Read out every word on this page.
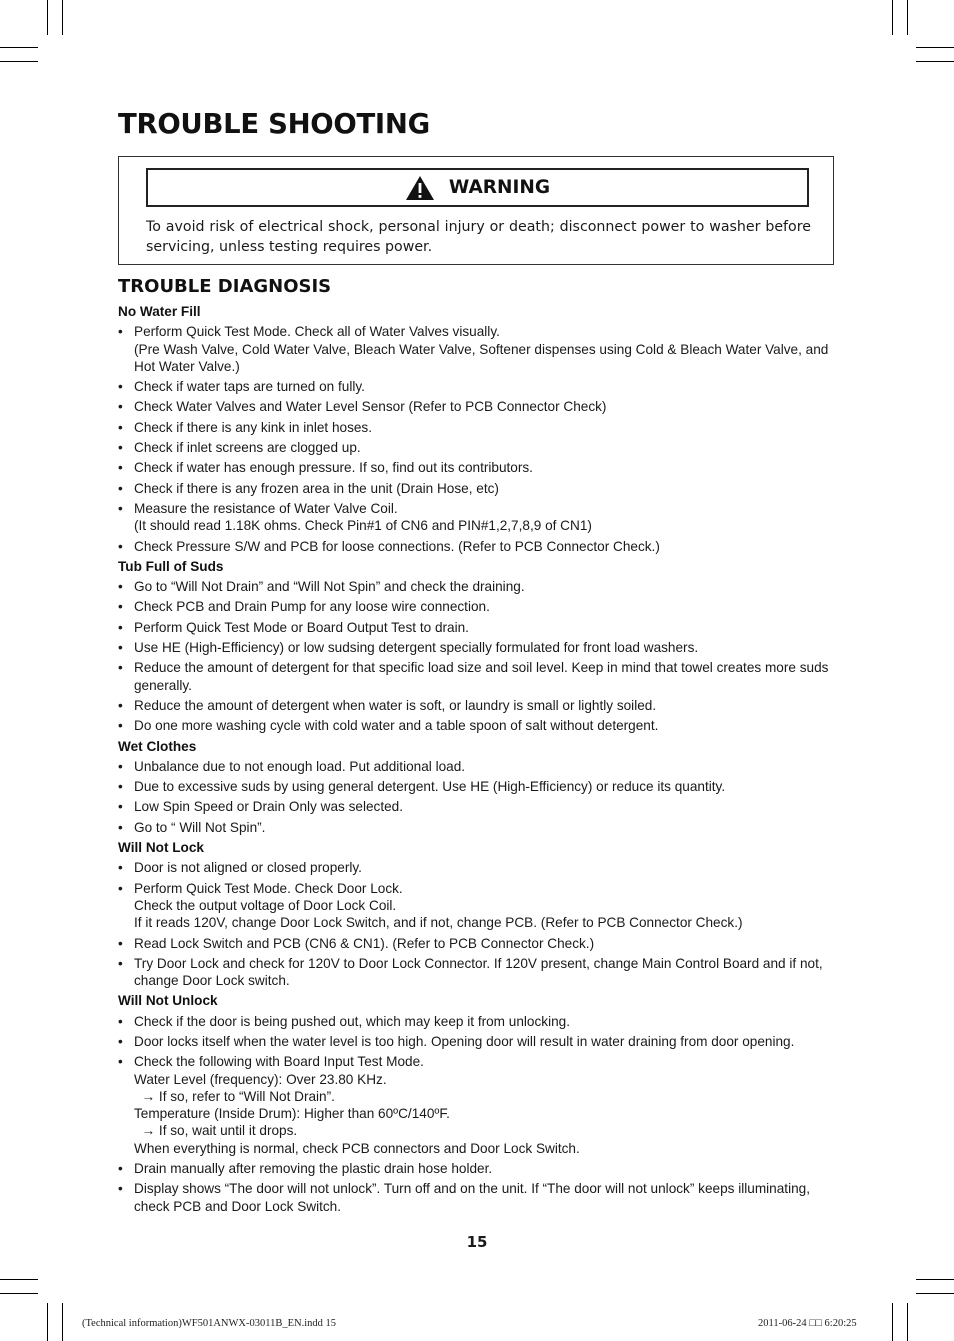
TROUBLE SHOOTING
WARNING
To avoid risk of electrical shock, personal injury or death; disconnect power to washer before servicing, unless testing requires power.
TROUBLE DIAGNOSIS
No Water Fill
• Perform Quick Test Mode. Check all of Water Valves visually.
(Pre Wash Valve, Cold Water Valve, Bleach Water Valve, Softener dispenses using Cold & Bleach Water Valve, and Hot Water Valve.)
• Check if water taps are turned on fully.
• Check Water Valves and Water Level Sensor (Refer to PCB Connector Check)
• Check if there is any kink in inlet hoses.
• Check if inlet screens are clogged up.
• Check if water has enough pressure. If so, find out its contributors.
• Check if there is any frozen area in the unit (Drain Hose, etc)
• Measure the resistance of Water Valve Coil.
(It should read 1.18K ohms. Check Pin#1 of CN6 and PIN#1,2,7,8,9 of CN1)
• Check Pressure S/W and PCB for loose connections. (Refer to PCB Connector Check.)
Tub Full of Suds
• Go to “Will Not Drain” and “Will Not Spin” and check the draining.
• Check PCB and Drain Pump for any loose wire connection.
• Perform Quick Test Mode or Board Output Test to drain.
• Use HE (High-Efficiency) or low sudsing detergent specially formulated for front load washers.
• Reduce the amount of detergent for that specific load size and soil level. Keep in mind that towel creates more suds generally.
• Reduce the amount of detergent when water is soft, or laundry is small or lightly soiled.
• Do one more washing cycle with cold water and a table spoon of salt without detergent.
Wet Clothes
• Unbalance due to not enough load. Put additional load.
• Due to excessive suds by using general detergent. Use HE (High-Efficiency) or reduce its quantity.
• Low Spin Speed or Drain Only was selected.
• Go to “ Will Not Spin”.
Will Not Lock
• Door is not aligned or closed properly.
• Perform Quick Test Mode. Check Door Lock.
Check the output voltage of Door Lock Coil.
If it reads 120V, change Door Lock Switch, and if not, change PCB. (Refer to PCB Connector Check.)
• Read Lock Switch and PCB (CN6 & CN1). (Refer to PCB Connector Check.)
• Try Door Lock and check for 120V to Door Lock Connector. If 120V present, change Main Control Board and if not, change Door Lock switch.
Will Not Unlock
• Check if the door is being pushed out, which may keep it from unlocking.
• Door locks itself when the water level is too high. Opening door will result in water draining from door opening.
• Check the following with Board Input Test Mode.
Water Level (frequency): Over 23.80 KHz.
→ If so, refer to “Will Not Drain”.
Temperature (Inside Drum): Higher than 60ºC/140ºF.
→ If so, wait until it drops.
When everything is normal, check PCB connectors and Door Lock Switch.
• Drain manually after removing the plastic drain hose holder.
• Display shows “The door will not unlock”. Turn off and on the unit. If “The door will not unlock” keeps illuminating, check PCB and Door Lock Switch.
15
(Technical information)WF501ANWX-03011B_EN.indd 15	2011-06-24 □□ 6:20:25
